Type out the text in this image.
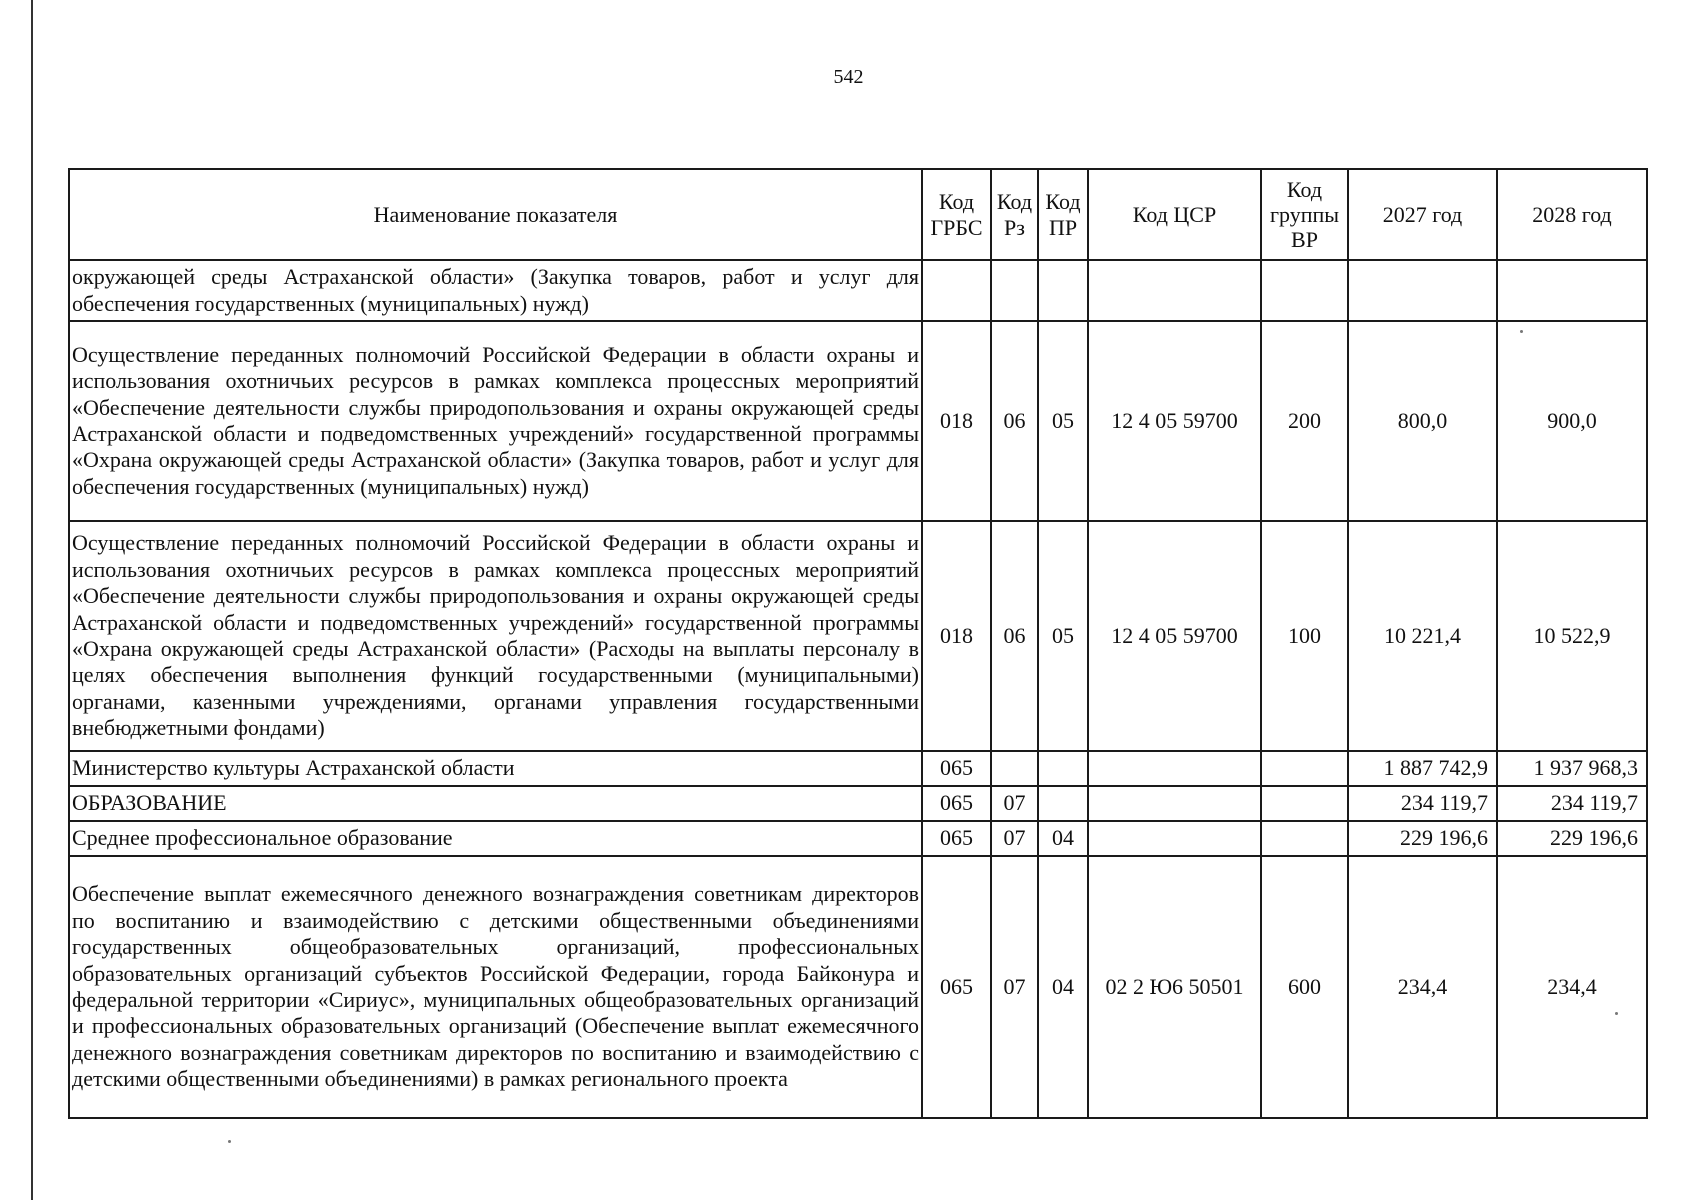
542
Наименование показателя	Код ГРБС	Код Рз	Код ПР	Код ЦСР	Код группы ВР	2027 год	2028 год
окружающей среды Астраханской области» (Закупка товаров, работ и услуг для обеспечения государственных (муниципальных) нужд)							
Осуществление переданных полномочий Российской Федерации в области охраны и использования охотничьих ресурсов в рамках комплекса процессных мероприятий «Обеспечение деятельности службы природопользования и охраны окружающей среды Астраханской области и подведомственных учреждений» государственной программы «Охрана окружающей среды Астраханской области» (Закупка товаров, работ и услуг для обеспечения государственных (муниципальных) нужд)	018	06	05	12 4 05 59700	200	800,0	900,0
Осуществление переданных полномочий Российской Федерации в области охраны и использования охотничьих ресурсов в рамках комплекса процессных мероприятий «Обеспечение деятельности службы природопользования и охраны окружающей среды Астраханской области и подведомственных учреждений» государственной программы «Охрана окружающей среды Астраханской области» (Расходы на выплаты персоналу в целях обеспечения выполнения функций государственными (муниципальными) органами, казенными учреждениями, органами управления государственными внебюджетными фондами)	018	06	05	12 4 05 59700	100	10 221,4	10 522,9
Министерство культуры Астраханской области	065					1 887 742,9	1 937 968,3
ОБРАЗОВАНИЕ	065	07				234 119,7	234 119,7
Среднее профессиональное образование	065	07	04			229 196,6	229 196,6
Обеспечение выплат ежемесячного денежного вознаграждения советникам директоров по воспитанию и взаимодействию с детскими общественными объединениями государственных общеобразовательных организаций, профессиональных образовательных организаций субъектов Российской Федерации, города Байконура и федеральной территории «Сириус», муниципальных общеобразовательных организаций и профессиональных образовательных организаций (Обеспечение выплат ежемесячного денежного вознаграждения советникам директоров по воспитанию и взаимодействию с детскими общественными объединениями) в рамках регионального проекта	065	07	04	02 2 Ю6 50501	600	234,4	234,4
